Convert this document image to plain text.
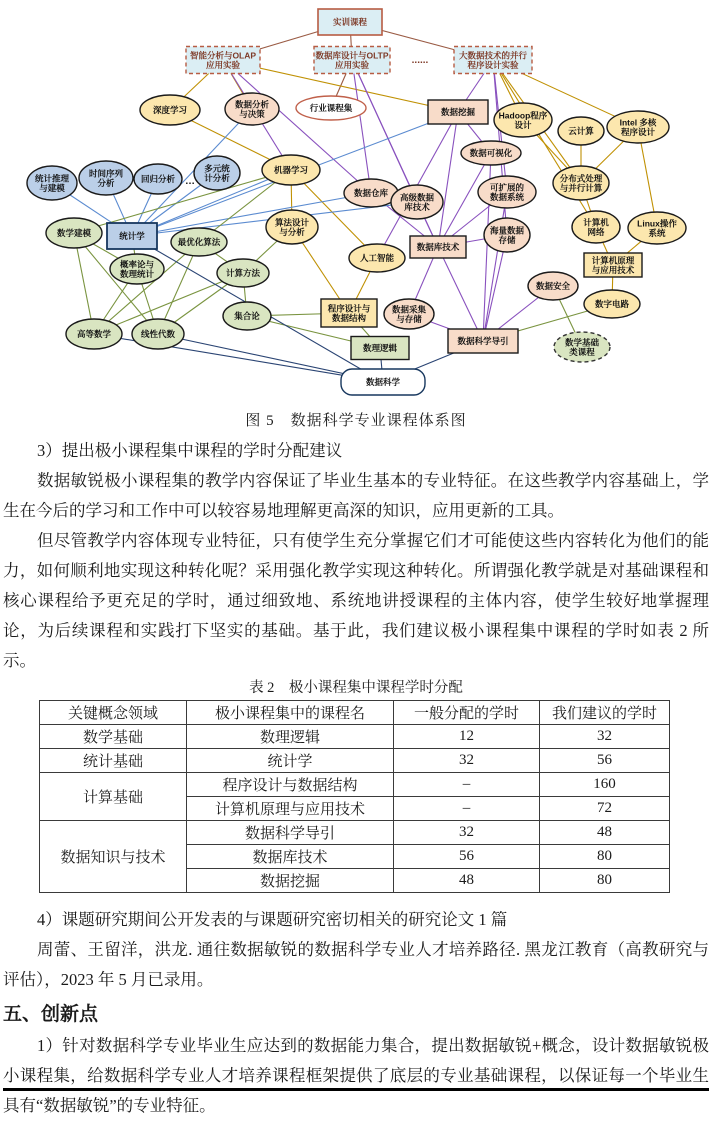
实训课程
智能分析与OLAP 应用实验
数据库设计与OLTP 应用实验	......	大数据技术的并行程序设计实验
深度学习
数据分析与决策
行业课程集	数据挖掘	Hadoop程序设计
云计算
Intel 多核程序设计
数据可视化
统计推理与建模
时间序列分析	回归分析 …
多元统计分析
机器学习
数据仓库 高级数据库技术
可扩展的数据系统
分布式处理与并行计算
数学建模	统计学
最优化算法
算法设计与分析
人工智能
数据库技术
海量数据存储
计算机网络
Linux操作系统
概率论与数理统计	计算方法
计算机原理与应用技术
数据安全
数字电路
高等数学	线性代数
集合论
程序设计与数据结构
数据采集与存储
数理逻辑
数据科学导引	数学基础类课程
数据科学
图 5　数据科学专业课程体系图

3）提出极小课程集中课程的学时分配建议

数据敏锐极小课程集的教学内容保证了毕业生基本的专业特征。在这些教学内容基础上，学生在今后的学习和工作中可以较容易地理解更高深的知识，应用更新的工具。

但尽管教学内容体现专业特征，只有使学生充分掌握它们才可能使这些内容转化为他们的能力，如何顺利地实现这种转化呢？采用强化教学实现这种转化。所谓强化教学就是对基础课程和核心课程给予更充足的学时，通过细致地、系统地讲授课程的主体内容，使学生较好地掌握理论，为后续课程和实践打下坚实的基础。基于此，我们建议极小课程集中课程的学时如表 2 所示。

表 2　极小课程集中课程学时分配
关键概念领域	极小课程集中的课程名	一般分配的学时	我们建议的学时
数学基础	数理逻辑	12	32
统计基础	统计学	32	56
计算基础	程序设计与数据结构	–	160
	计算机原理与应用技术	–	72
数据知识与技术	数据科学导引	32	48
	数据库技术	56	80
	数据挖掘	48	80

4）课题研究期间公开发表的与课题研究密切相关的研究论文 1 篇

周蕾、王留洋，洪龙. 通往数据敏锐的数据科学专业人才培养路径. 黑龙江教育（高教研究与评估），2023 年 5 月已录用。

五、创新点

1）针对数据科学专业毕业生应达到的数据能力集合，提出数据敏锐+概念，设计数据敏锐极小课程集，给数据科学专业人才培养课程框架提供了底层的专业基础课程，以保证每一个毕业生具有“数据敏锐”的专业特征。
